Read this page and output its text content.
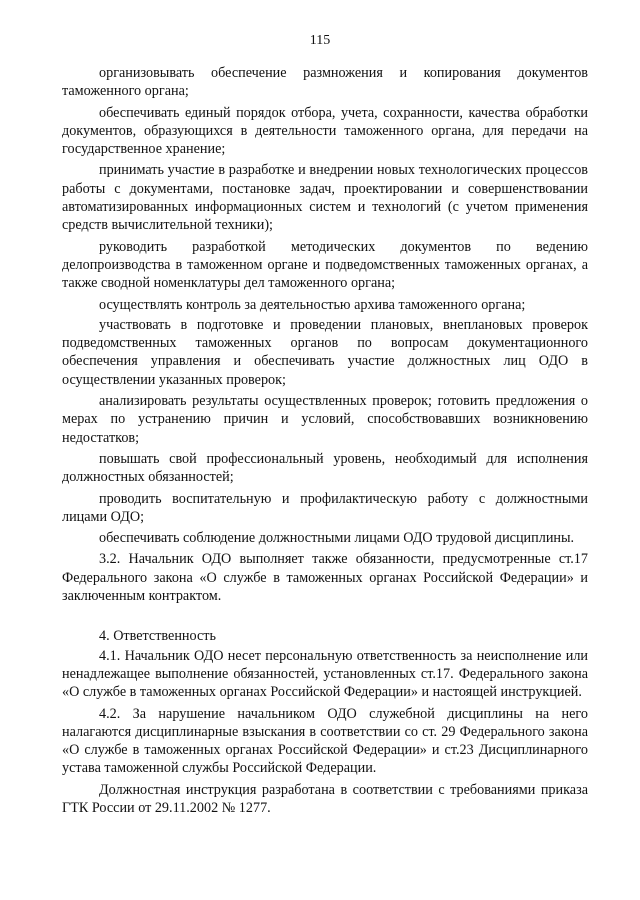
115

организовывать обеспечение размножения и копирования документов таможенного органа;

обеспечивать единый порядок отбора, учета, сохранности, качества обработки документов, образующихся в деятельности таможенного органа, для передачи на государственное хранение;

принимать участие в разработке и внедрении новых технологических процессов работы с документами, постановке задач, проектировании и совершенствовании автоматизированных информационных систем и технологий (с учетом применения средств вычислительной техники);

руководить разработкой методических документов по ведению делопроизводства в таможенном органе и подведомственных таможенных органах, а также сводной номенклатуры дел таможенного органа;

осуществлять контроль за деятельностью архива таможенного органа;

участвовать в подготовке и проведении плановых, внеплановых проверок подведомственных таможенных органов по вопросам документационного обеспечения управления и обеспечивать участие должностных лиц ОДО в осуществлении указанных проверок;

анализировать результаты осуществленных проверок; готовить предложения о мерах по устранению причин и условий, способствовавших возникновению недостатков;

повышать свой профессиональный уровень, необходимый для исполнения должностных обязанностей;

проводить воспитательную и профилактическую работу с должностными лицами ОДО;

обеспечивать соблюдение должностными лицами ОДО трудовой дисциплины.

3.2. Начальник ОДО выполняет также обязанности, предусмотренные ст.17 Федерального закона «О службе в таможенных органах Российской Федерации» и заключенным контрактом.

4. Ответственность

4.1. Начальник ОДО несет персональную ответственность за неисполнение или ненадлежащее выполнение обязанностей, установленных ст.17. Федерального закона «О службе в таможенных органах Российской Федерации» и настоящей инструкцией.

4.2. За нарушение начальником ОДО служебной дисциплины на него налагаются дисциплинарные взыскания в соответствии со ст. 29 Федерального закона «О службе в таможенных органах Российской Федерации» и ст.23 Дисциплинарного устава таможенной службы Российской Федерации.

Должностная инструкция разработана в соответствии с требованиями приказа ГТК России от 29.11.2002 № 1277.
